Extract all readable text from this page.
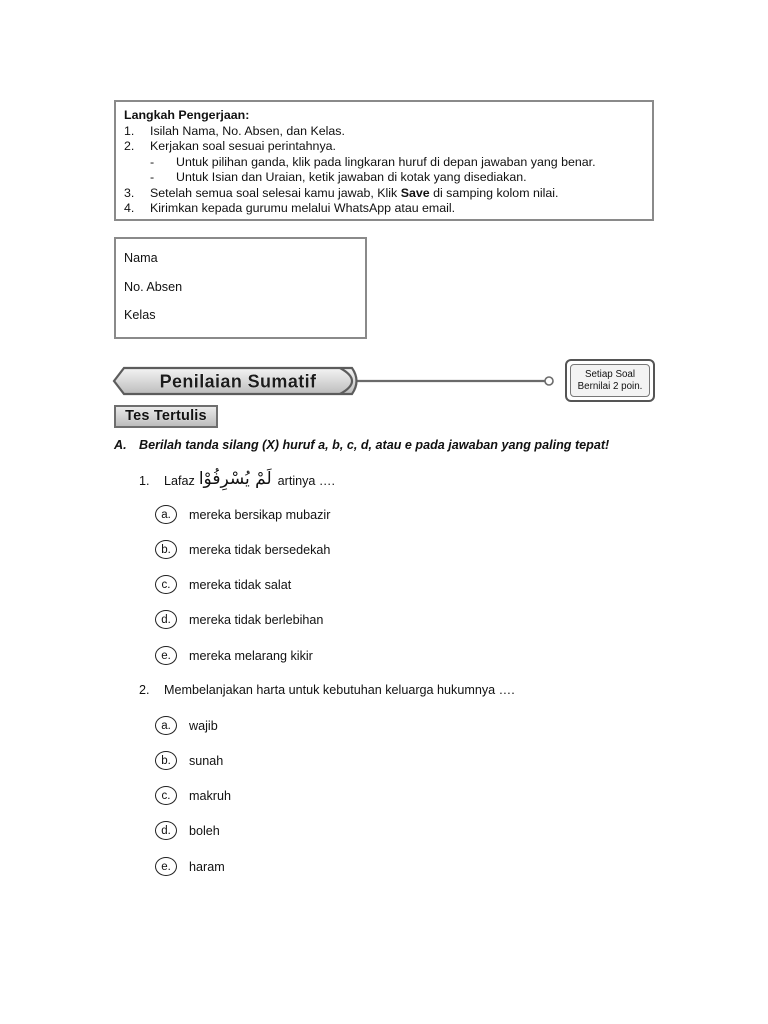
Langkah Pengerjaan:
1.	Isilah Nama, No. Absen, dan Kelas.
2.	Kerjakan soal sesuai perintahnya.
-	Untuk pilihan ganda, klik pada lingkaran huruf di depan jawaban yang benar.
-	Untuk Isian dan Uraian, ketik jawaban di kotak yang disediakan.
3.	Setelah semua soal selesai kamu jawab, Klik Save di samping kolom nilai.
4.	Kirimkan kepada gurumu melalui WhatsApp atau email.
Nama
No. Absen
Kelas
Penilaian Sumatif	Setiap Soal
Bernilai 2 poin.
Tes Tertulis
A. Berilah tanda silang (X) huruf a, b, c, d, atau e pada jawaban yang paling tepat!
1.	Lafaz لَمْ يُسْرِفُوْا artinya ….
a.	mereka bersikap mubazir
b.	mereka tidak bersedekah
c.	mereka tidak salat
d.	mereka tidak berlebihan
e.	mereka melarang kikir
2.	Membelanjakan harta untuk kebutuhan keluarga hukumnya ….
a.	wajib
b.	sunah
c.	makruh
d.	boleh
e.	haram
